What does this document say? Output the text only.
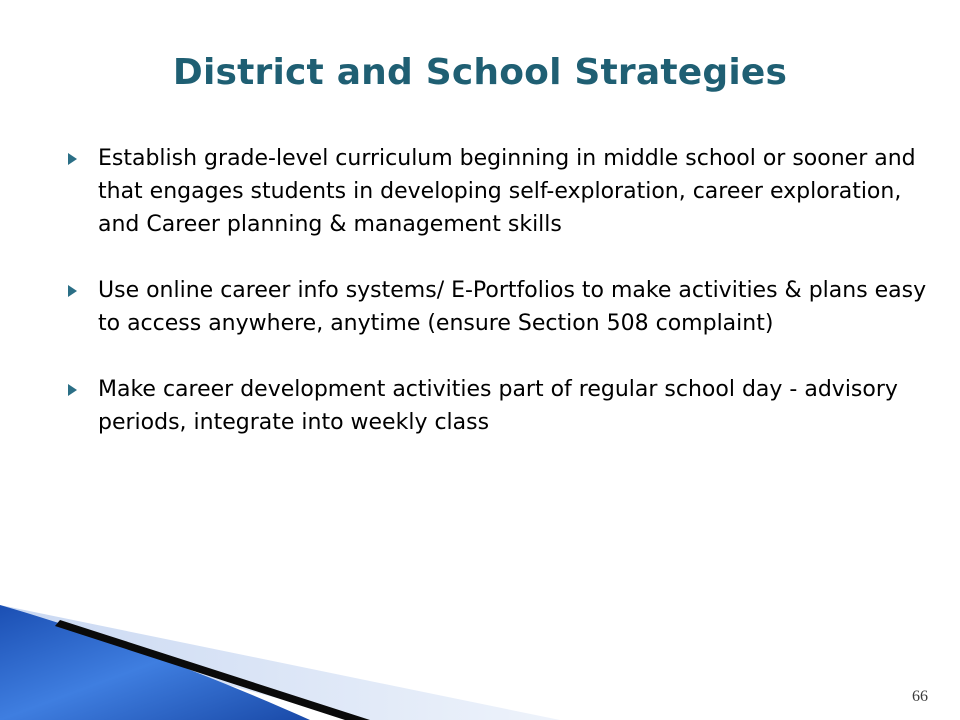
District and School Strategies
Establish grade-level curriculum beginning in middle school or sooner and that engages students in developing self-exploration, career exploration, and Career planning & management skills
Use online career info systems/ E-Portfolios to make activities & plans easy to access anywhere, anytime (ensure Section 508 complaint)
Make career development activities part of regular school day - advisory periods, integrate into weekly class
66
